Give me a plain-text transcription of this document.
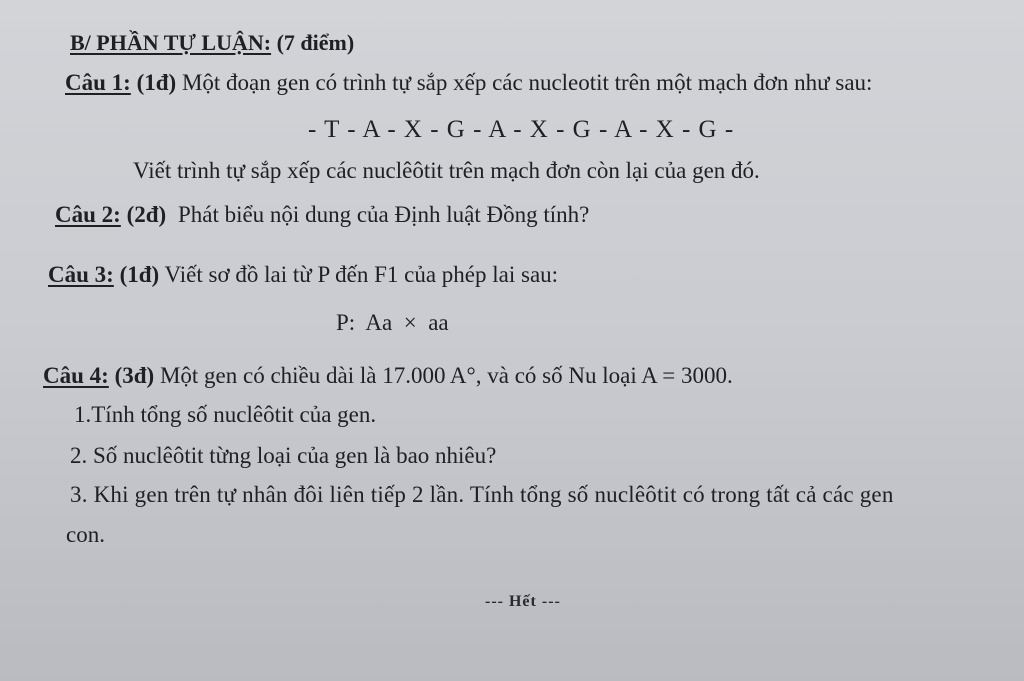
B/ PHẦN TỰ LUẬN: (7 điểm)
Câu 1: (1đ) Một đoạn gen có trình tự sắp xếp các nucleotit trên một mạch đơn như sau:
- T - A - X - G - A - X - G - A - X - G -
Viết trình tự sắp xếp các nuclêôtit trên mạch đơn còn lại của gen đó.
Câu 2: (2đ) Phát biểu nội dung của Định luật Đồng tính?
Câu 3: (1đ) Viết sơ đồ lai từ P đến F1 của phép lai sau:
P:  Aa  ×  aa
Câu 4: (3đ) Một gen có chiều dài là 17.000 A°, và có số Nu loại A = 3000.
1.Tính tổng số nuclêôtit của gen.
2. Số nuclêôtit từng loại của gen là bao nhiêu?
3. Khi gen trên tự nhân đôi liên tiếp 2 lần. Tính tổng số nuclêôtit có trong tất cả các gen
con.
--- Hết ---
